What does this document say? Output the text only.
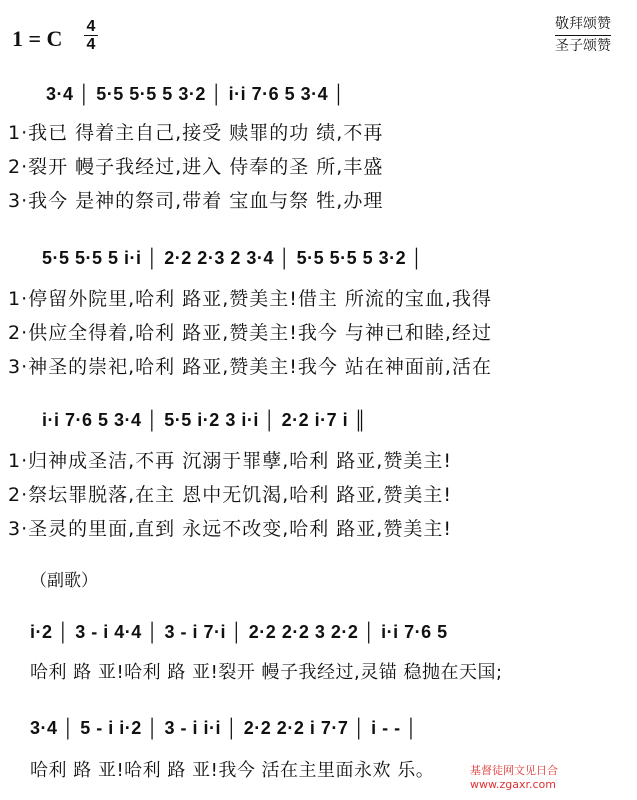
1 = C $\frac{4}{4}$	敬拜颂赞
圣子颂赞
3·4 │ 5·5 5·5 5 3·2 │ i·i 7·6 5 3·4 │
1·我已 得着主自己,接受 赎罪的功 绩,不再
2·裂开 幔子我经过,进入 侍奉的圣 所,丰盛
3·我今 是神的祭司,带着 宝血与祭 牲,办理
5·5 5·5 5 i·i │ 2·2 2·3 2 3·4 │ 5·5 5·5 5 3·2 │
1·停留外院里,哈利 路亚,赞美主!借主 所流的宝血,我得
2·供应全得着,哈利 路亚,赞美主!我今 与神已和睦,经过
3·神圣的崇祀,哈利 路亚,赞美主!我今 站在神面前,活在
i·i 7·6 5 3·4 │ 5·5 i·2 3 i·i │ 2·2 i·7 i ║
1·归神成圣洁,不再 沉溺于罪孽,哈利 路亚,赞美主!
2·祭坛罪脱落,在主 恩中无饥渴,哈利 路亚,赞美主!
3·圣灵的里面,直到 永远不改变,哈利 路亚,赞美主!
（副歌）
i·2 │ 3 - i 4·4 │ 3 - i 7·i │ 2·2 2·2 3 2·2 │ i·i 7·6 5
哈利 路 亚!哈利 路 亚!裂开 幔子我经过,灵锚 稳抛在天国;
3·4 │ 5 - i i·2 │ 3 - i i·i │ 2·2 2·2 i 7·7 │ i - - │
哈利 路 亚!哈利 路 亚!我今 活在主里面永欢 乐。	基督徒网文见日合
www.zgaxr.com
